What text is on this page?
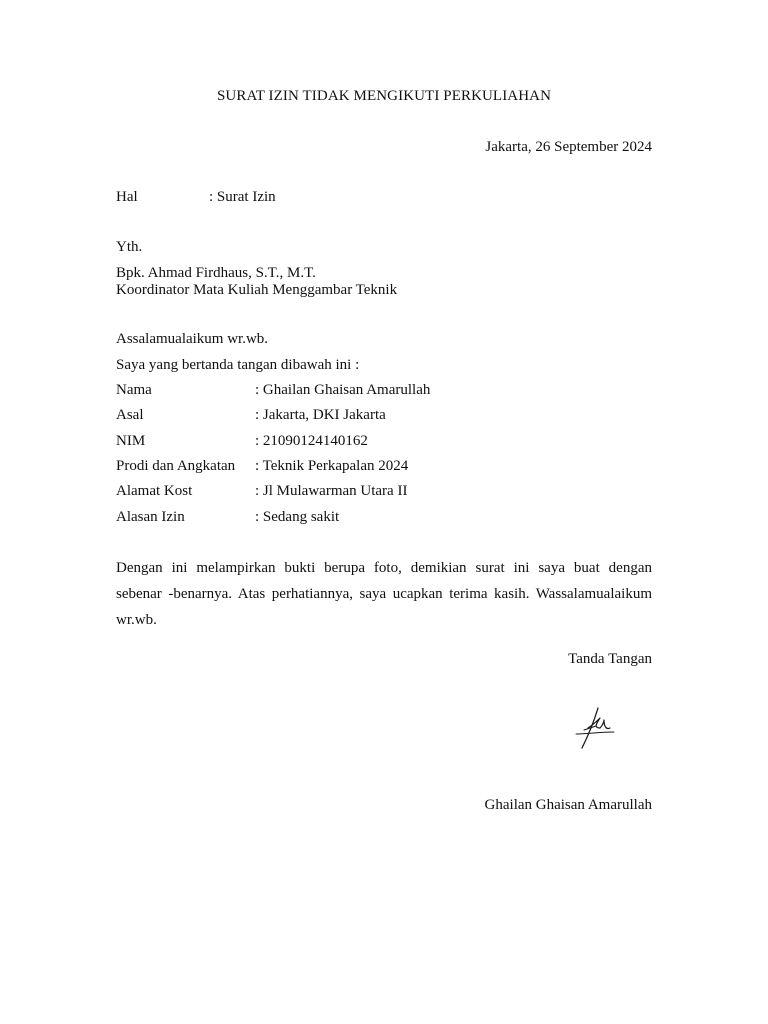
SURAT IZIN TIDAK MENGIKUTI PERKULIAHAN
Jakarta, 26 September 2024
Hal	: Surat Izin
Yth.
Bpk. Ahmad Firdhaus, S.T., M.T.
Koordinator Mata Kuliah Menggambar Teknik
Assalamualaikum wr.wb.
Saya yang bertanda tangan dibawah ini :
Nama	: Ghailan Ghaisan Amarullah
Asal	: Jakarta, DKI Jakarta
NIM	: 21090124140162
Prodi dan Angkatan : Teknik Perkapalan 2024
Alamat Kost	: Jl Mulawarman Utara II
Alasan Izin	: Sedang sakit
Dengan ini melampirkan bukti berupa foto, demikian surat ini saya buat dengan
sebenar -benarnya. Atas perhatiannya, saya ucapkan terima kasih. Wassalamualaikum
wr.wb.
Tanda Tangan
Ghailan Ghaisan Amarullah
